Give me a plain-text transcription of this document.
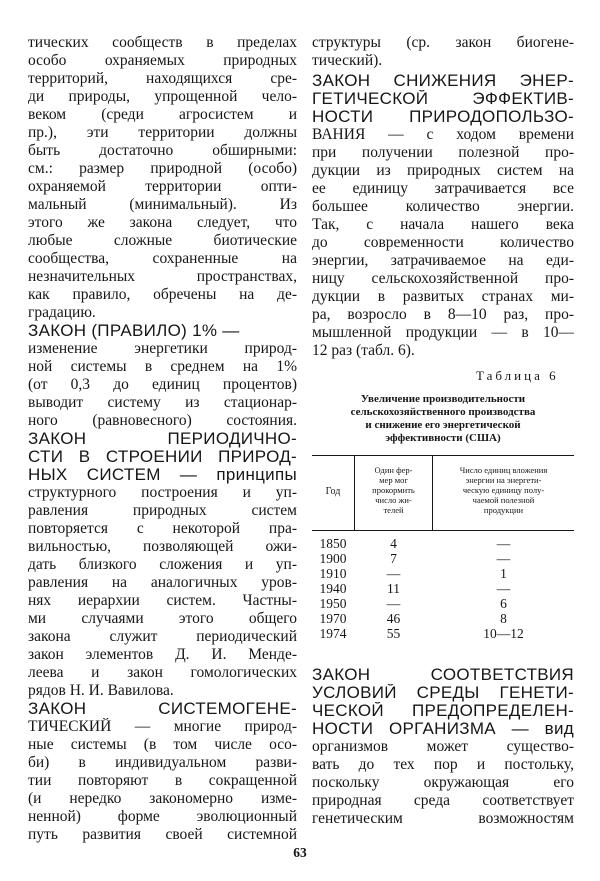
тических сообществ в пределах
особо охраняемых природных
территорий, находящихся сре-
ди природы, упрощенной чело-
веком (среди агросистем и
пр.), эти территории должны
быть достаточно обширными:
см.: размер природной (особо)
охраняемой территории опти-
мальный (минимальный). Из
этого же закона следует, что
любые сложные биотические
сообщества, сохраненные на
незначительных пространствах,
как правило, обречены на де-
градацию.
ЗАКОН (ПРАВИЛО) 1% —
изменение энергетики природ-
ной системы в среднем на 1%
(от 0,3 до единиц процентов)
выводит систему из стационар-
ного (равновесного) состояния.
ЗАКОН ПЕРИОДИЧНО-
СТИ В СТРОЕНИИ ПРИРОД-
НЫХ СИСТЕМ — принципы
структурного построения и уп-
равления природных систем
повторяется с некоторой пра-
вильностью, позволяющей ожи-
дать близкого сложения и уп-
равления на аналогичных уров-
нях иерархии систем. Частны-
ми случаями этого общего
закона служит периодический
закон элементов Д. И. Менде-
леева и закон гомологических
рядов Н. И. Вавилова.
ЗАКОН СИСТЕМОГЕНЕ-
ТИЧЕСКИЙ — многие природ-
ные системы (в том числе осо-
би) в индивидуальном разви-
тии повторяют в сокращенной
(и нередко закономерно изме-
ненной) форме эволюционный
путь развития своей системной
структуры (ср. закон биогене-
тический).
ЗАКОН СНИЖЕНИЯ ЭНЕР-
ГЕТИЧЕСКОЙ ЭФФЕКТИВ-
НОСТИ ПРИРОДОПОЛЬЗО-
ВАНИЯ — с ходом времени
при получении полезной про-
дукции из природных систем на
ее единицу затрачивается все
большее количество энергии.
Так, с начала нашего века
до современности количество
энергии, затрачиваемое на еди-
ницу сельскохозяйственной про-
дукции в развитых странах ми-
ра, возросло в 8—10 раз, про-
мышленной продукции — в 10—
12 раз (табл. 6).
ЗАКОН СООТВЕТСТВИЯ
УСЛОВИЙ СРЕДЫ ГЕНЕТИ-
ЧЕСКОЙ ПРЕДОПРЕДЕЛЕН-
НОСТИ ОРГАНИЗМА — вид
организмов может существо-
вать до тех пор и постольку,
поскольку окружающая его
природная среда соответствует
генетическим возможностям
Таблица 6
Увеличение производительности
сельскохозяйственного производства
и снижение его энергетической
эффективности (США)
Год
Один фер-
мер мог
прокормить
число жи-
телей
Число единиц вложения
энергии на энергети-
ческую единицу полу-
чаемой полезной
продукции
1850	4	—
1900	7	—
1910	—	1
1940	11	—
1950	—	6
1970	46	8
1974	55	10—12
63
